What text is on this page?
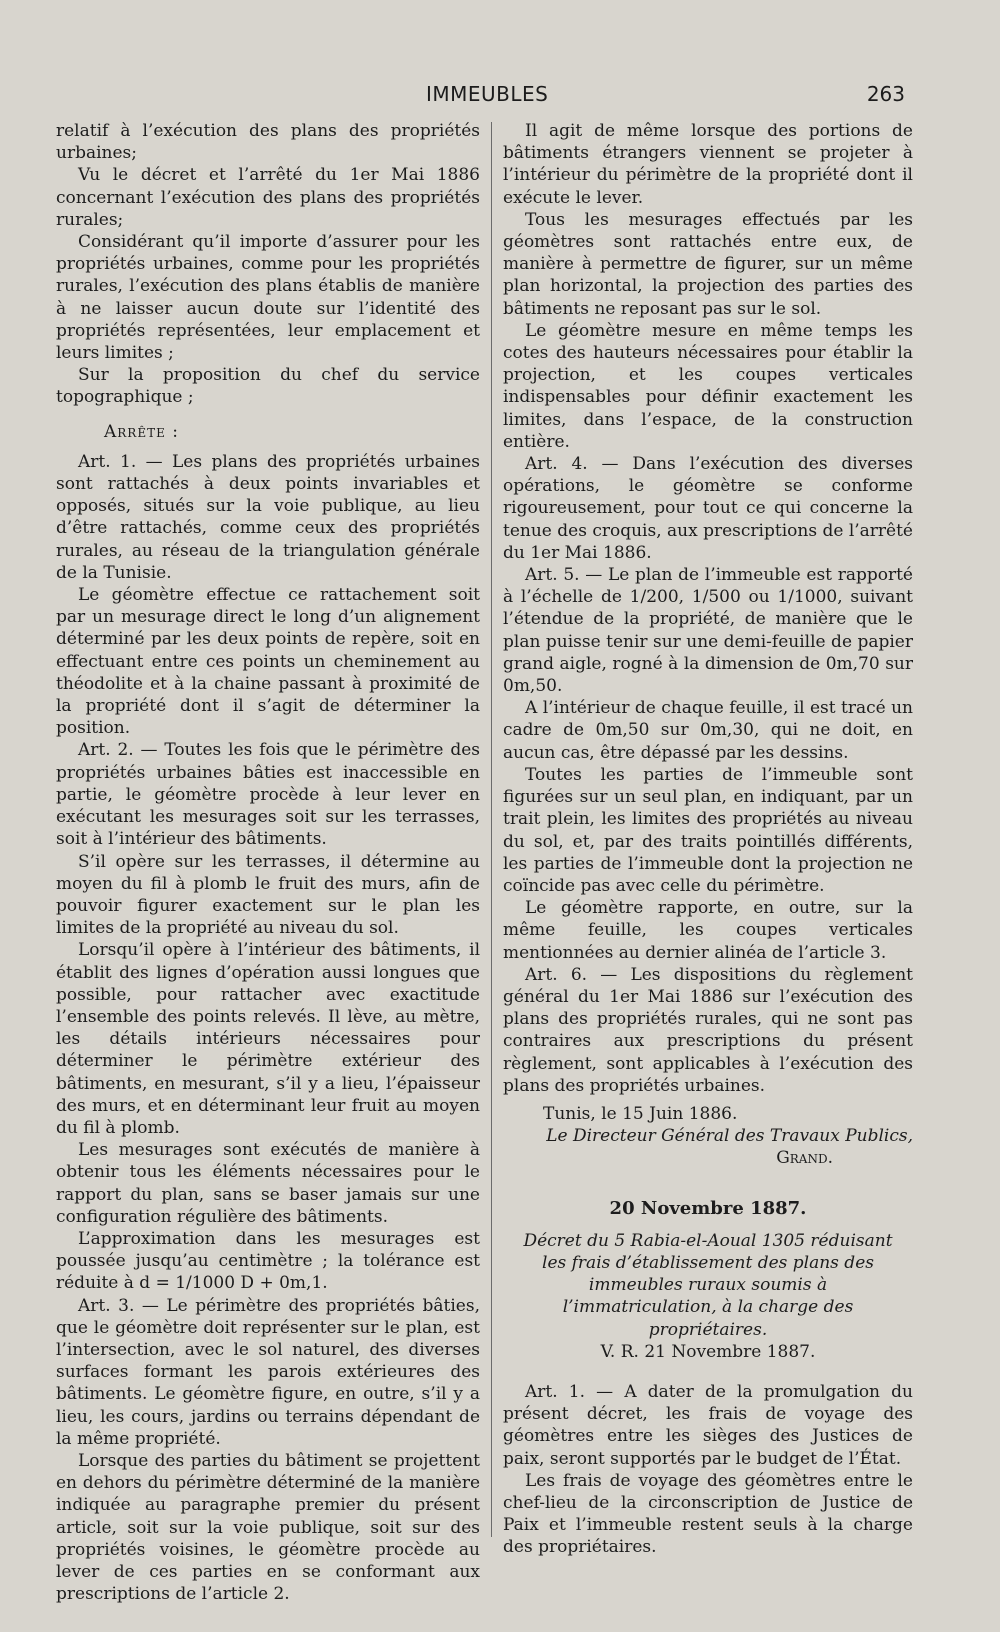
IMMEUBLES	263

relatif à l’exécution des plans des propriétés urbaines;

Vu le décret et l’arrêté du 1er Mai 1886 concernant l’exécution des plans des propriétés rurales;

Considérant qu’il importe d’assurer pour les propriétés urbaines, comme pour les propriétés rurales, l’exécution des plans établis de manière à ne laisser aucun doute sur l’identité des propriétés représentées, leur emplacement et leurs limites ;

Sur la proposition du chef du service topographique ;

Arrête :

Art. 1. — Les plans des propriétés urbaines sont rattachés à deux points invariables et opposés, situés sur la voie publique, au lieu d’être rattachés, comme ceux des propriétés rurales, au réseau de la triangulation générale de la Tunisie.

Le géomètre effectue ce rattachement soit par un mesurage direct le long d’un alignement déterminé par les deux points de repère, soit en effectuant entre ces points un cheminement au théodolite et à la chaine passant à proximité de la propriété dont il s’agit de déterminer la position.

Art. 2. — Toutes les fois que le périmètre des propriétés urbaines bâties est inaccessible en partie, le géomètre procède à leur lever en exécutant les mesurages soit sur les terrasses, soit à l’intérieur des bâtiments.

S’il opère sur les terrasses, il détermine au moyen du fil à plomb le fruit des murs, afin de pouvoir figurer exactement sur le plan les limites de la propriété au niveau du sol.

Lorsqu’il opère à l’intérieur des bâtiments, il établit des lignes d’opération aussi longues que possible, pour rattacher avec exactitude l’ensemble des points relevés. Il lève, au mètre, les détails intérieurs nécessaires pour déterminer le périmètre extérieur des bâtiments, en mesurant, s’il y a lieu, l’épaisseur des murs, et en déterminant leur fruit au moyen du fil à plomb.

Les mesurages sont exécutés de manière à obtenir tous les éléments nécessaires pour le rapport du plan, sans se baser jamais sur une configuration régulière des bâtiments.

L’approximation dans les mesurages est poussée jusqu’au centimètre ; la tolérance est réduite à d = 1/1000 D + 0m,1.

Art. 3. — Le périmètre des propriétés bâties, que le géomètre doit représenter sur le plan, est l’intersection, avec le sol naturel, des diverses surfaces formant les parois extérieures des bâtiments. Le géomètre figure, en outre, s’il y a lieu, les cours, jardins ou terrains dépendant de la même propriété.

Lorsque des parties du bâtiment se projettent en dehors du périmètre déterminé de la manière indiquée au paragraphe premier du présent article, soit sur la voie publique, soit sur des propriétés voisines, le géomètre procède au lever de ces parties en se conformant aux prescriptions de l’article 2.

Il agit de même lorsque des portions de bâtiments étrangers viennent se projeter à l’intérieur du périmètre de la propriété dont il exécute le lever.

Tous les mesurages effectués par les géomètres sont rattachés entre eux, de manière à permettre de figurer, sur un même plan horizontal, la projection des parties des bâtiments ne reposant pas sur le sol.

Le géomètre mesure en même temps les cotes des hauteurs nécessaires pour établir la projection, et les coupes verticales indispensables pour définir exactement les limites, dans l’espace, de la construction entière.

Art. 4. — Dans l’exécution des diverses opérations, le géomètre se conforme rigoureusement, pour tout ce qui concerne la tenue des croquis, aux prescriptions de l’arrêté du 1er Mai 1886.

Art. 5. — Le plan de l’immeuble est rapporté à l’échelle de 1/200, 1/500 ou 1/1000, suivant l’étendue de la propriété, de manière que le plan puisse tenir sur une demi-feuille de papier grand aigle, rogné à la dimension de 0m,70 sur 0m,50.

A l’intérieur de chaque feuille, il est tracé un cadre de 0m,50 sur 0m,30, qui ne doit, en aucun cas, être dépassé par les dessins.

Toutes les parties de l’immeuble sont figurées sur un seul plan, en indiquant, par un trait plein, les limites des propriétés au niveau du sol, et, par des traits pointillés différents, les parties de l’immeuble dont la projection ne coïncide pas avec celle du périmètre.

Le géomètre rapporte, en outre, sur la même feuille, les coupes verticales mentionnées au dernier alinéa de l’article 3.

Art. 6. — Les dispositions du règlement général du 1er Mai 1886 sur l’exécution des plans des propriétés rurales, qui ne sont pas contraires aux prescriptions du présent règlement, sont applicables à l’exécution des plans des propriétés urbaines.

Tunis, le 15 Juin 1886.

Le Directeur Général des Travaux Publics,

Grand.

20 Novembre 1887.

Décret du 5 Rabia-el-Aoual 1305 réduisant les frais d’établissement des plans des immeubles ruraux soumis à l’immatriculation, à la charge des propriétaires.

V. R. 21 Novembre 1887.

Art. 1. — A dater de la promulgation du présent décret, les frais de voyage des géomètres entre les sièges des Justices de paix, seront supportés par le budget de l’État.

Les frais de voyage des géomètres entre le chef-lieu de la circonscription de Justice de Paix et l’immeuble restent seuls à la charge des propriétaires.
